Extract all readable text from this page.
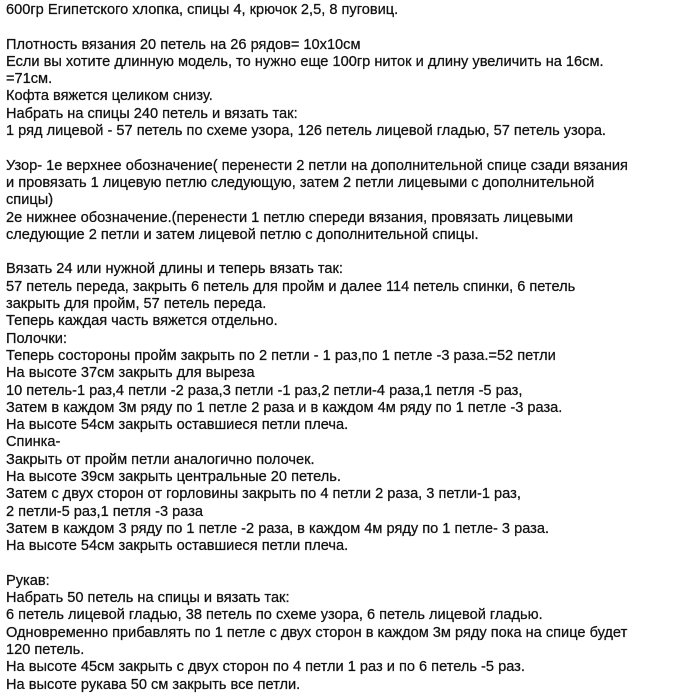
600гр Египетского хлопка, спицы 4, крючок 2,5, 8 пуговиц.
Плотность вязания 20 петель на 26 рядов= 10х10см
Если вы хотите длинную модель, то нужно еще 100гр ниток и длину увеличить на 16см.
=71см.
Кофта вяжется целиком снизу.
Набрать на спицы 240 петель и вязать так:
1 ряд лицевой - 57 петель по схеме узора, 126 петель лицевой гладью, 57 петель узора.
Узор- 1е верхнее обозначение( перенести 2 петли на дополнительной спице сзади вязания
и провязать 1 лицевую петлю следующую, затем 2 петли лицевыми с дополнительной
спицы)
2е нижнее обозначение.(перенести 1 петлю спереди вязания, провязать лицевыми
следующие 2 петли и затем лицевой петлю с дополнительной спицы.
Вязать 24 или нужной длины и теперь вязать так:
57 петель переда, закрыть 6 петель для пройм и далее 114 петель спинки, 6 петель
закрыть для пройм, 57 петель переда.
Теперь каждая часть вяжется отдельно.
Полочки:
Теперь состороны пройм закрыть по 2 петли - 1 раз,по 1 петле -3 раза.=52 петли
На высоте 37см закрыть для выреза
10 петель-1 раз,4 петли -2 раза,3 петли -1 раз,2 петли-4 раза,1 петля -5 раз,
Затем в каждом 3м ряду по 1 петле 2 раза и в каждом 4м ряду по 1 петле -3 раза.
На высоте 54см закрыть оставшиеся петли плеча.
Спинка-
Закрыть от пройм петли аналогично полочек.
На высоте 39см закрыть центральные 20 петель.
Затем с двух сторон от горловины закрыть по 4 петли 2 раза, 3 петли-1 раз,
2 петли-5 раз,1 петля -3 раза
Затем в каждом 3 ряду по 1 петле -2 раза, в каждом 4м ряду по 1 петле- 3 раза.
На высоте 54см закрыть оставшиеся петли плеча.
Рукав:
Набрать 50 петель на спицы и вязать так:
6 петель лицевой гладью, 38 петель по схеме узора, 6 петель лицевой гладью.
Одновременно прибавлять по 1 петле с двух сторон в каждом 3м ряду пока на спице будет
120 петель.
На высоте 45см закрыть с двух сторон по 4 петли 1 раз и по 6 петель -5 раз.
На высоте рукава 50 см закрыть все петли.
